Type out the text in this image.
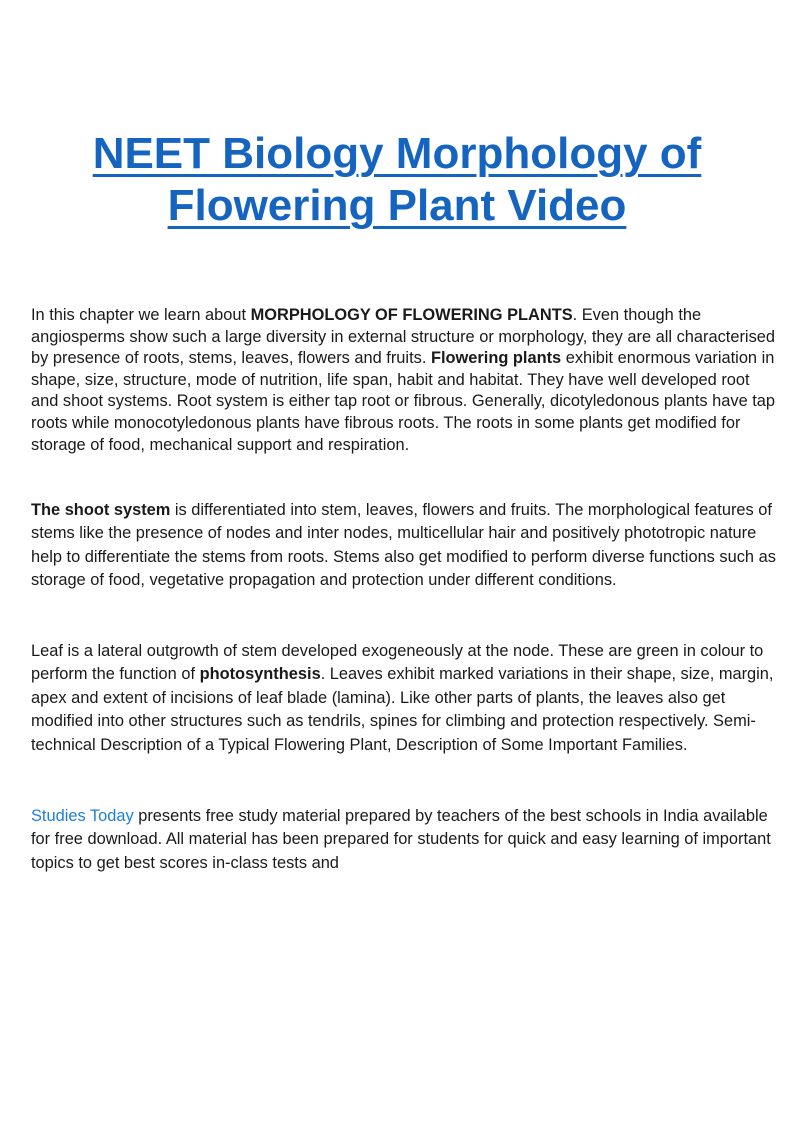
NEET Biology Morphology of Flowering Plant Video

In this chapter we learn about MORPHOLOGY OF FLOWERING PLANTS. Even though the angiosperms show such a large diversity in external structure or morphology, they are all characterised by presence of roots, stems, leaves, flowers and fruits. Flowering plants exhibit enormous variation in shape, size, structure, mode of nutrition, life span, habit and habitat. They have well developed root and shoot systems. Root system is either tap root or fibrous. Generally, dicotyledonous plants have tap roots while monocotyledonous plants have fibrous roots. The roots in some plants get modified for storage of food, mechanical support and respiration.

The shoot system is differentiated into stem, leaves, flowers and fruits. The morphological features of stems like the presence of nodes and inter nodes, multicellular hair and positively phototropic nature help to differentiate the stems from roots. Stems also get modified to perform diverse functions such as storage of food, vegetative propagation and protection under different conditions.

Leaf is a lateral outgrowth of stem developed exogeneously at the node. These are green in colour to perform the function of photosynthesis. Leaves exhibit marked variations in their shape, size, margin, apex and extent of incisions of leaf blade (lamina). Like other parts of plants, the leaves also get modified into other structures such as tendrils, spines for climbing and protection respectively. Semi-technical Description of a Typical Flowering Plant, Description of Some Important Families.

Studies Today presents free study material prepared by teachers of the best schools in India available for free download. All material has been prepared for students for quick and easy learning of important topics to get best scores in-class tests and
